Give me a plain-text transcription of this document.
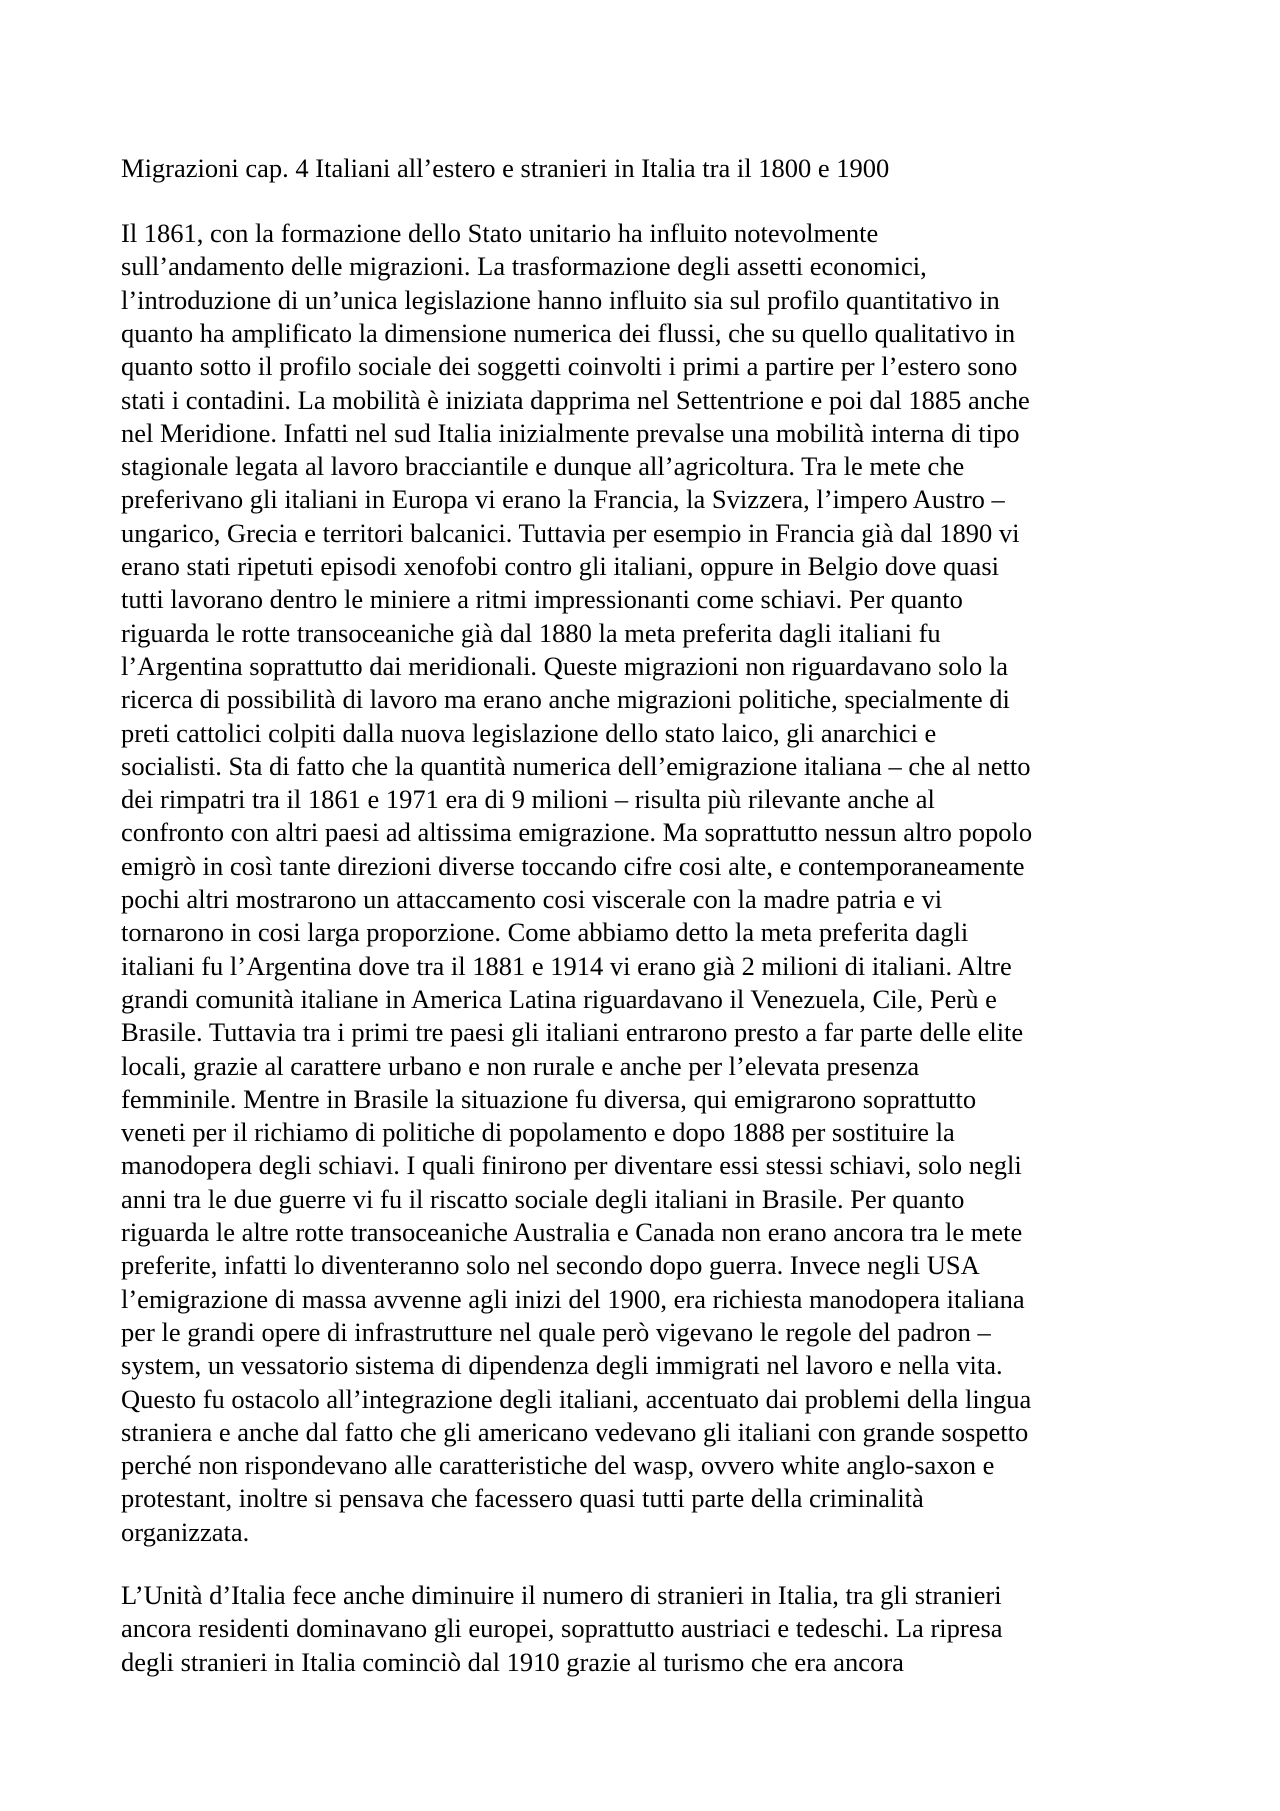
Migrazioni cap. 4 Italiani all’estero e stranieri in Italia tra il 1800 e 1900

Il 1861, con la formazione dello Stato unitario ha influito notevolmente

sull’andamento delle migrazioni. La trasformazione degli assetti economici,

l’introduzione di un’unica legislazione hanno influito sia sul profilo quantitativo in

quanto ha amplificato la dimensione numerica dei flussi, che su quello qualitativo in

quanto sotto il profilo sociale dei soggetti coinvolti i primi a partire per l’estero sono

stati i contadini. La mobilità è iniziata dapprima nel Settentrione e poi dal 1885 anche

nel Meridione. Infatti nel sud Italia inizialmente prevalse una mobilità interna di tipo

stagionale legata al lavoro bracciantile e dunque all’agricoltura. Tra le mete che

preferivano gli italiani in Europa vi erano la Francia, la Svizzera, l’impero Austro –

ungarico, Grecia e territori balcanici. Tuttavia per esempio in Francia già dal 1890 vi

erano stati ripetuti episodi xenofobi contro gli italiani, oppure in Belgio dove quasi

tutti lavorano dentro le miniere a ritmi impressionanti come schiavi. Per quanto

riguarda le rotte transoceaniche già dal 1880 la meta preferita dagli italiani fu

l’Argentina soprattutto dai meridionali. Queste migrazioni non riguardavano solo la

ricerca di possibilità di lavoro ma erano anche migrazioni politiche, specialmente di

preti cattolici colpiti dalla nuova legislazione dello stato laico, gli anarchici e

socialisti. Sta di fatto che la quantità numerica dell’emigrazione italiana – che al netto

dei rimpatri tra il 1861 e 1971 era di 9 milioni – risulta più rilevante anche al

confronto con altri paesi ad altissima emigrazione. Ma soprattutto nessun altro popolo

emigrò in così tante direzioni diverse toccando cifre cosi alte, e contemporaneamente

pochi altri mostrarono un attaccamento cosi viscerale con la madre patria e vi

tornarono in cosi larga proporzione. Come abbiamo detto la meta preferita dagli

italiani fu l’Argentina dove tra il 1881 e 1914 vi erano già 2 milioni di italiani. Altre

grandi comunità italiane in America Latina riguardavano il Venezuela, Cile, Perù e

Brasile. Tuttavia tra i primi tre paesi gli italiani entrarono presto a far parte delle elite

locali, grazie al carattere urbano e non rurale e anche per l’elevata presenza

femminile. Mentre in Brasile la situazione fu diversa, qui emigrarono soprattutto

veneti per il richiamo di politiche di popolamento e dopo 1888 per sostituire la

manodopera degli schiavi. I quali finirono per diventare essi stessi schiavi, solo negli

anni tra le due guerre vi fu il riscatto sociale degli italiani in Brasile. Per quanto

riguarda le altre rotte transoceaniche Australia e Canada non erano ancora tra le mete

preferite, infatti lo diventeranno solo nel secondo dopo guerra. Invece negli USA

l’emigrazione di massa avvenne agli inizi del 1900, era richiesta manodopera italiana

per le grandi opere di infrastrutture nel quale però vigevano le regole del padron –

system, un vessatorio sistema di dipendenza degli immigrati nel lavoro e nella vita.

Questo fu ostacolo all’integrazione degli italiani, accentuato dai problemi della lingua

straniera e anche dal fatto che gli americano vedevano gli italiani con grande sospetto

perché non rispondevano alle caratteristiche del wasp, ovvero white anglo-saxon e

protestant, inoltre si pensava che facessero quasi tutti parte della criminalità

organizzata.

L’Unità d’Italia fece anche diminuire il numero di stranieri in Italia, tra gli stranieri

ancora residenti dominavano gli europei, soprattutto austriaci e tedeschi. La ripresa

degli stranieri in Italia cominciò dal 1910 grazie al turismo che era ancora
